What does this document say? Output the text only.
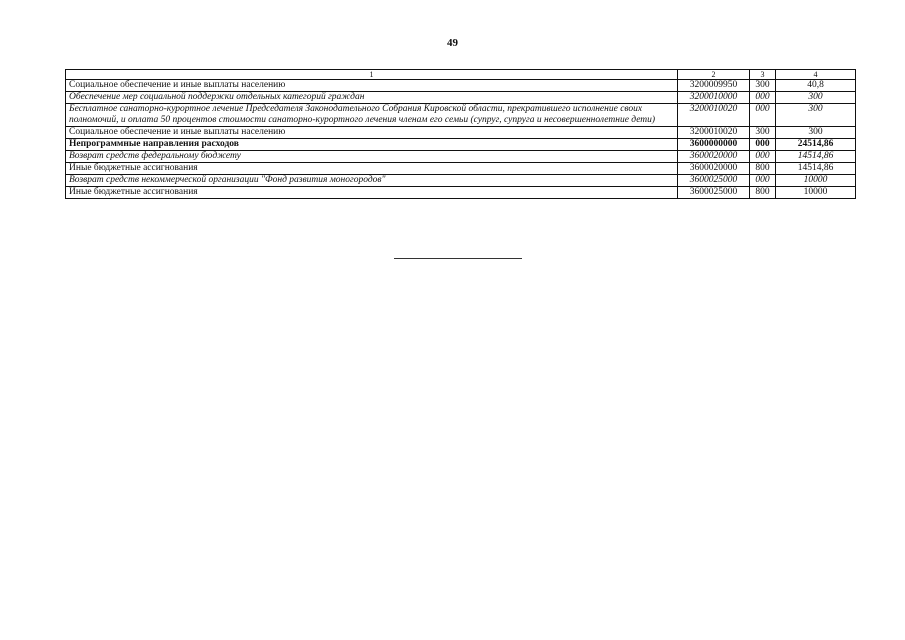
49
1	2	3	4
Социальное обеспечение и иные выплаты населению	3200009950	300	40,8
Обеспечение мер социальной поддержки отдельных категорий граждан	3200010000	000	300
Бесплатное санаторно-курортное лечение Председателя Законодательного Собрания Кировской области, прекратившего исполнение своих полномочий, и оплата 50 процентов стоимости санаторно-курортного лечения членам его семьи (супруг, супруга и несовершеннолетние дети)	3200010020	000	300
Социальное обеспечение и иные выплаты населению	3200010020	300	300
Непрограммные направления расходов	3600000000	000	24514,86
Возврат средств федеральному бюджету	3600020000	000	14514,86
Иные бюджетные ассигнования	3600020000	800	14514,86
Возврат средств некоммерческой организации "Фонд развития моногородов"	3600025000	000	10000
Иные бюджетные ассигнования	3600025000	800	10000
